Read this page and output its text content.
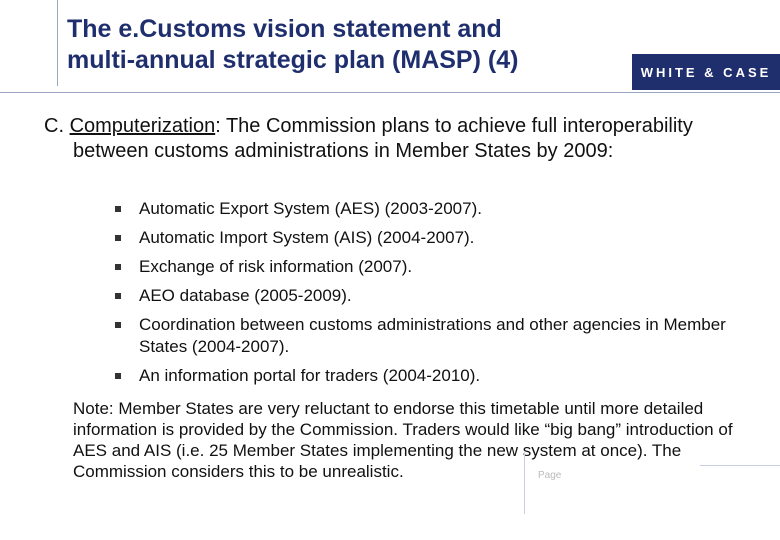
The e.Customs vision statement and
multi-annual strategic plan (MASP) (4)	WHITE & CASE
C. Computerization: The Commission plans to achieve full interoperability between customs administrations in Member States by 2009:
Automatic Export System (AES) (2003-2007).
Automatic Import System (AIS) (2004-2007).
Exchange of risk information (2007).
AEO database (2005-2009).
Coordination between customs administrations and other agencies in Member States (2004-2007).
An information portal for traders (2004-2010).
Note: Member States are very reluctant to endorse this timetable until more detailed information is provided by the Commission. Traders would like “big bang” introduction of AES and AIS (i.e. 25 Member States implementing the new system at once). The Commission considers this to be unrealistic.	Page
